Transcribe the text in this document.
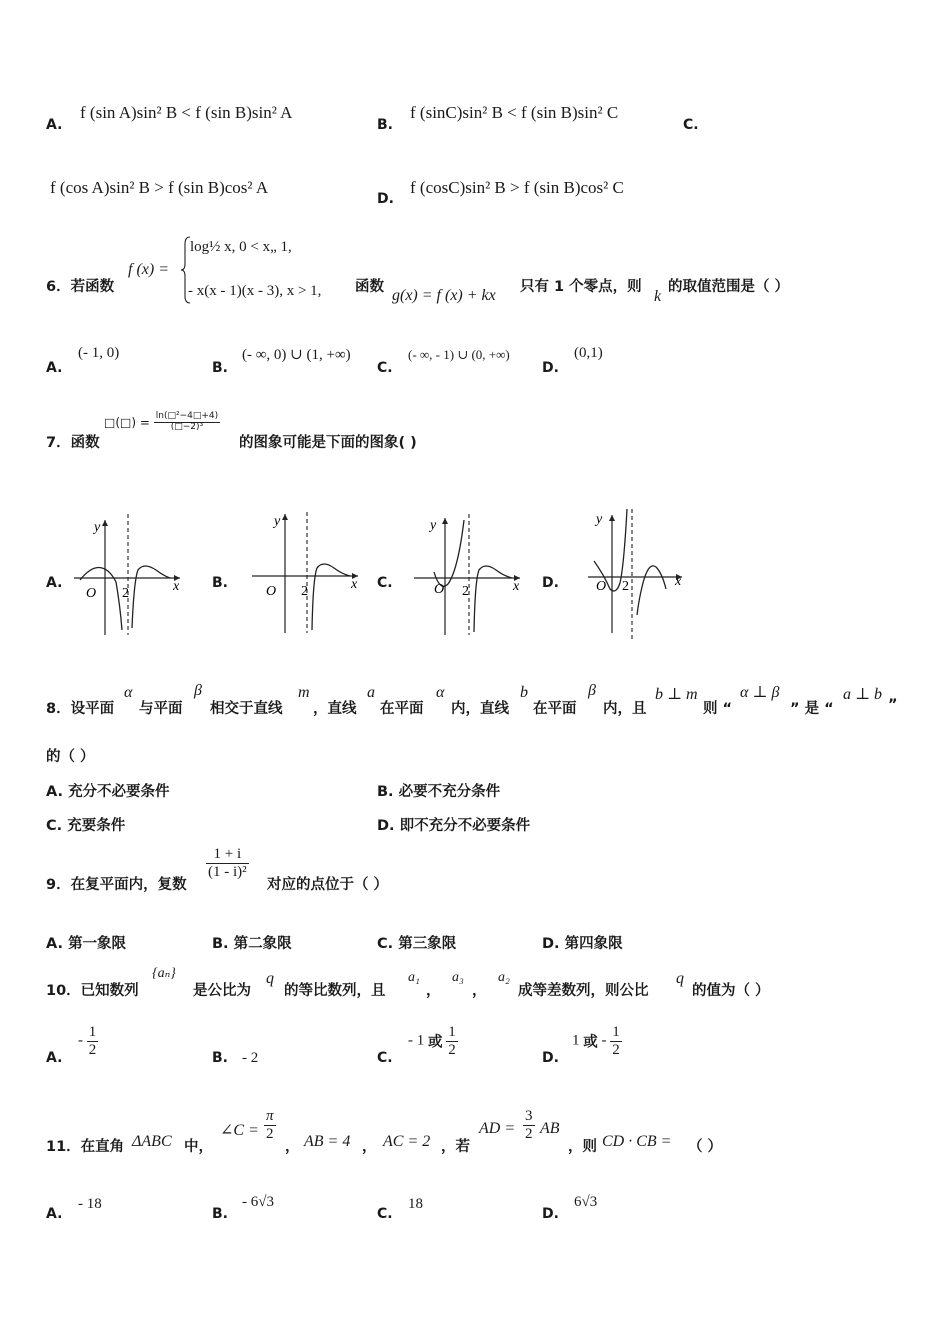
A.
f (sin A)sin² B < f (sin B)sin² A
B.
f (sinC)sin² B < f (sin B)sin² C
C.
f (cos A)sin² B > f (sin B)cos² A
D.
f (cosC)sin² B > f (sin B)cos² C
6．若函数
f (x) =
log½ x, 0 < x„ 1,
- x(x - 1)(x - 3), x > 1, 函数 g(x) = f (x) + kx 只有 1 个零点，则
k
的取值范围是（ ）
A.
(- 1, 0)
B.
(- ∞, 0) ∪ (1, +∞)
C.
(- ∞, - 1) ∪ (0, +∞)
D.
(0,1)
7．函数
□(□) = $\frac{\text{ln(□²−4□+4)}}{\text{(□−2)³}}$
的图象可能是下面的图象( )
A.
y
x
O 2
B.
y
x
O 2
C.
y
x
O 2
D.
y
x
O 2
8．设平面
α
与平面
β
相交于直线
m
，直线
a
在平面
α
内，直线
b
在平面
β
内，且
b ⊥ m
则 “
α ⊥ β
” 是 “
a ⊥ b
”
的（ ）
A. 充分不必要条件	B. 必要不充分条件
C. 充要条件	D. 即不充分不必要条件
9．在复平面内，复数
$\frac{1 + i}{\text{(1 - i)²}}$
对应的点位于（ ）
A. 第一象限	B. 第二象限	C. 第三象限	D. 第四象限
10．已知数列
{aₙ}
是公比为
q
的等比数列，且
a₁
，
a₃
，
a₂
成等差数列，则公比
q
的值为（ ）
A.
- $\frac{1}{2}$	B. - 2	C.
- 1 或 $\frac{1}{2}$	D.
1 或 - $\frac{1}{2}$
11．在直角 ΔABC 中，
∠C = $\frac{\pi}{2}$
， AB = 4 ， AC = 2 ，若
AD = $\frac{3}{2}$ AB
，则 CD · CB = （ ）
A.
- 18
B.
- 6√3
C.
18
D.
6√3
